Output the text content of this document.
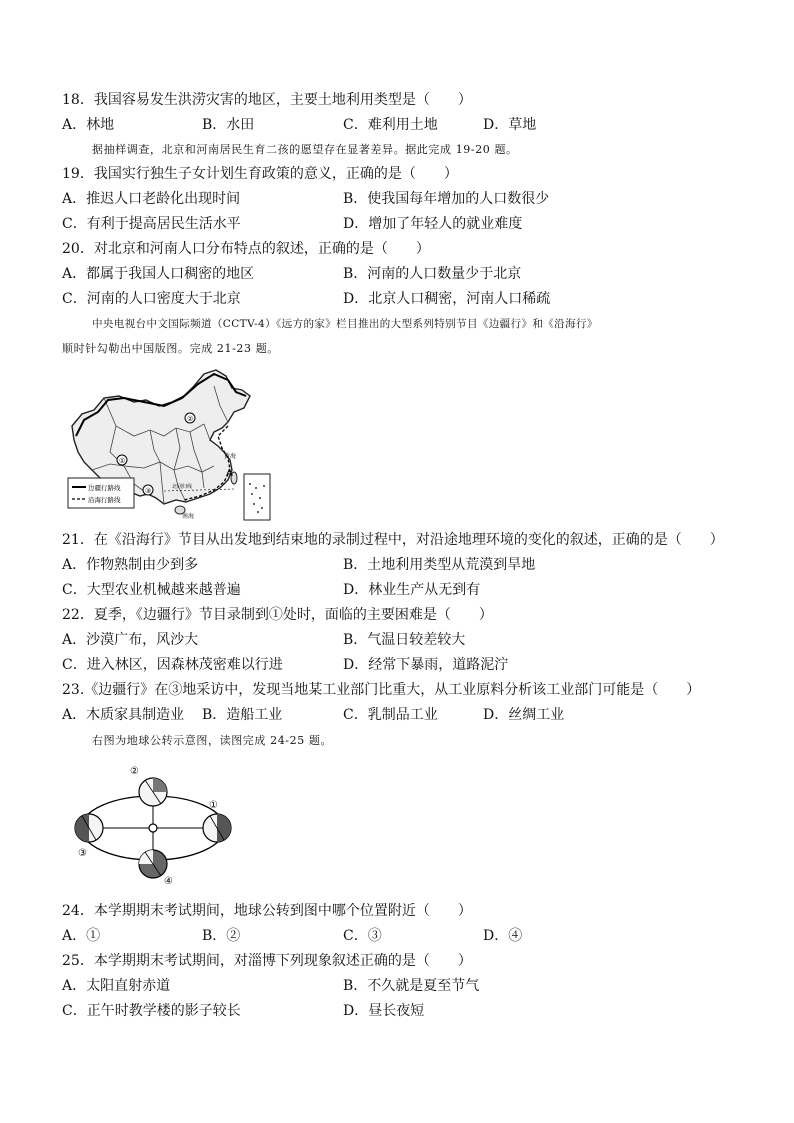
18．我国容易发生洪涝灾害的地区，主要土地利用类型是（　　）
A．林地	B．水田	C．难利用土地	D．草地
据抽样调查，北京和河南居民生育二孩的愿望存在显著差异。据此完成 19-20 题。
19．我国实行独生子女计划生育政策的意义，正确的是（　　）
A．推迟人口老龄化出现时间	B．使我国每年增加的人口数很少
C．有利于提高居民生活水平	D．增加了年轻人的就业难度
20．对北京和河南人口分布特点的叙述，正确的是（　　）
A．都属于我国人口稠密的地区	B．河南的人口数量少于北京
C．河南的人口密度大于北京	D．北京人口稠密，河南人口稀疏
中央电视台中文国际频道（CCTV-4）《远方的家》栏目推出的大型系列特别节目《边疆行》和《沿海行》
顺时针勾勒出中国版图。完成 21-23 题。
②
①
③
黄海
A
南海
北回归线
边疆行路线
沿海行路线
21．在《沿海行》节目从出发地到结束地的录制过程中，对沿途地理环境的变化的叙述，正确的是（　　）
A．作物熟制由少到多	B．土地利用类型从荒漠到旱地
C．大型农业机械越来越普遍	D．林业生产从无到有
22．夏季，《边疆行》节目录制到①处时，面临的主要困难是（　　）
A．沙漠广布，风沙大	B．气温日较差较大
C．进入林区，因森林茂密难以行进	D．经常下暴雨，道路泥泞
23.《边疆行》在③地采访中，发现当地某工业部门比重大，从工业原料分析该工业部门可能是（　　）
A．木质家具制造业 B．造船工业	C．乳制品工业	D．丝绸工业
右图为地球公转示意图，读图完成 24-25 题。
②
①
③
④
24．本学期期末考试期间，地球公转到图中哪个位置附近（　　）
A．①	B．②	C．③	D．④
25．本学期期末考试期间，对淄博下列现象叙述正确的是（　　）
A．太阳直射赤道	B．不久就是夏至节气
C．正午时教学楼的影子较长	D．昼长夜短
